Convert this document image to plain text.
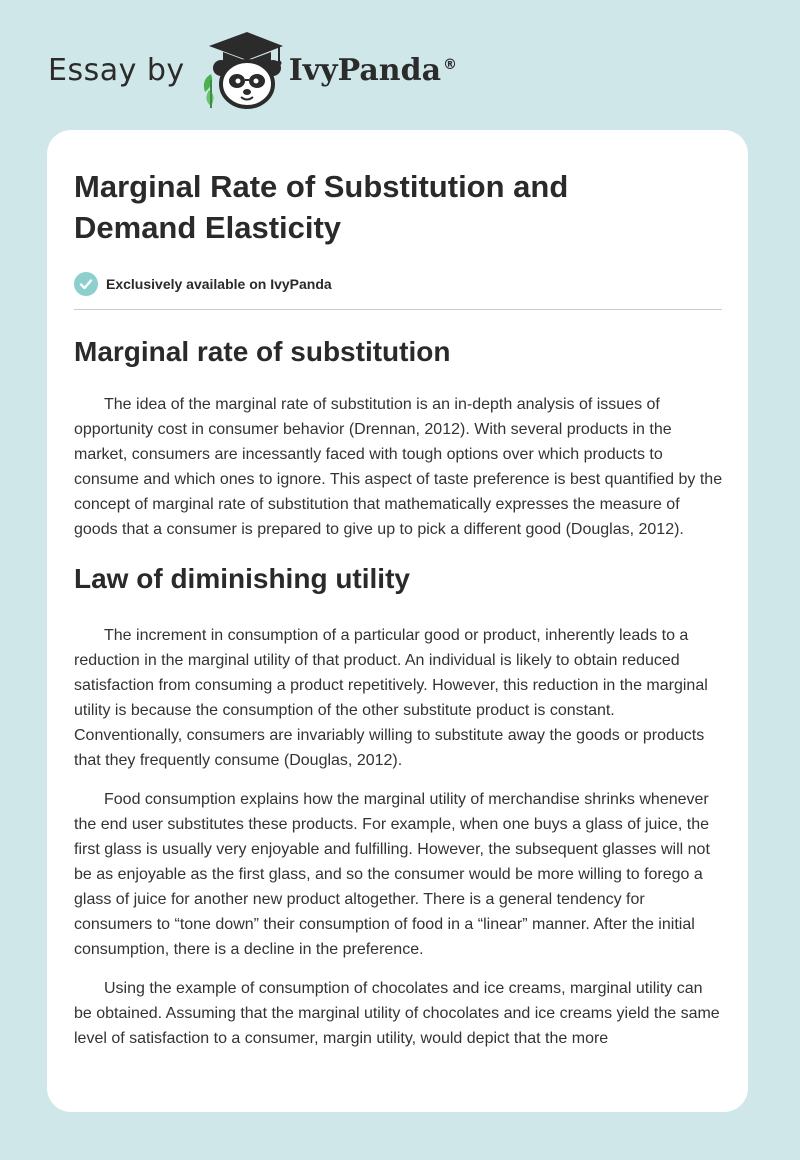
Essay by	IvyPanda ®
Marginal Rate of Substitution and Demand Elasticity
Exclusively available on IvyPanda
Marginal rate of substitution

The idea of the marginal rate of substitution is an in-depth analysis of issues of opportunity cost in consumer behavior (Drennan, 2012). With several products in the market, consumers are incessantly faced with tough options over which products to consume and which ones to ignore. This aspect of taste preference is best quantified by the concept of marginal rate of substitution that mathematically expresses the measure of goods that a consumer is prepared to give up to pick a different good (Douglas, 2012).

Law of diminishing utility

The increment in consumption of a particular good or product, inherently leads to a reduction in the marginal utility of that product. An individual is likely to obtain reduced satisfaction from consuming a product repetitively. However, this reduction in the marginal utility is because the consumption of the other substitute product is constant. Conventionally, consumers are invariably willing to substitute away the goods or products that they frequently consume (Douglas, 2012).

Food consumption explains how the marginal utility of merchandise shrinks whenever the end user substitutes these products. For example, when one buys a glass of juice, the first glass is usually very enjoyable and fulfilling. However, the subsequent glasses will not be as enjoyable as the first glass, and so the consumer would be more willing to forego a glass of juice for another new product altogether. There is a general tendency for consumers to “tone down” their consumption of food in a “linear” manner. After the initial consumption, there is a decline in the preference.

Using the example of consumption of chocolates and ice creams, marginal utility can be obtained. Assuming that the marginal utility of chocolates and ice creams yield the same level of satisfaction to a consumer, margin utility, would depict that the more
